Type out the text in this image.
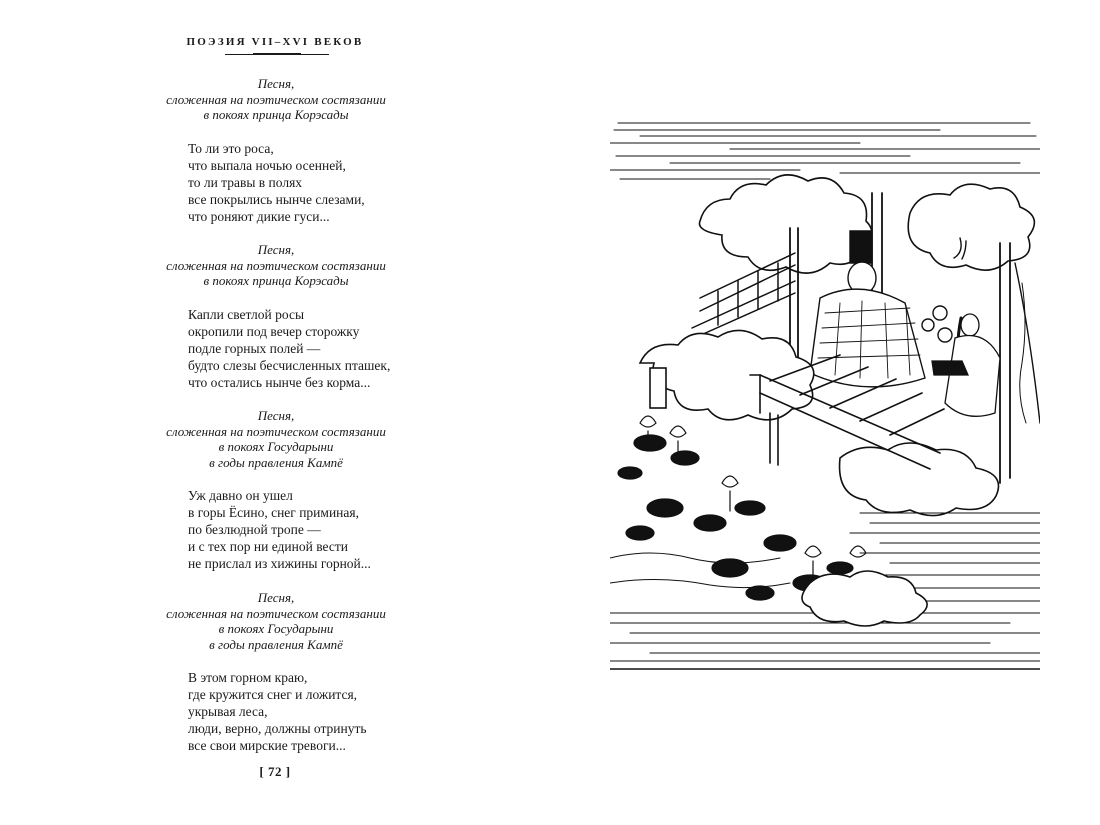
ПОЭЗИЯ VII–XVI ВЕКОВ
Песня,
сложенная на поэтическом состязании
в покоях принца Корэсады
То ли это роса,
что выпала ночью осенней,
то ли травы в полях
все покрылись нынче слезами,
что роняют дикие гуси...
Песня,
сложенная на поэтическом состязании
в покоях принца Корэсады
Капли светлой росы
окропили под вечер сторожку
подле горных полей —
будто слезы бесчисленных пташек,
что остались нынче без корма...
Песня,
сложенная на поэтическом состязании
в покоях Государыни
в годы правления Кампё
Уж давно он ушел
в горы Ёсино, снег приминая,
по безлюдной тропе —
и с тех пор ни единой вести
не прислал из хижины горной...
Песня,
сложенная на поэтическом состязании
в покоях Государыни
в годы правления Кампё
В этом горном краю,
где кружится снег и ложится,
укрывая леса,
люди, верно, должны отринуть
все свои мирские тревоги...
[ 72 ]
